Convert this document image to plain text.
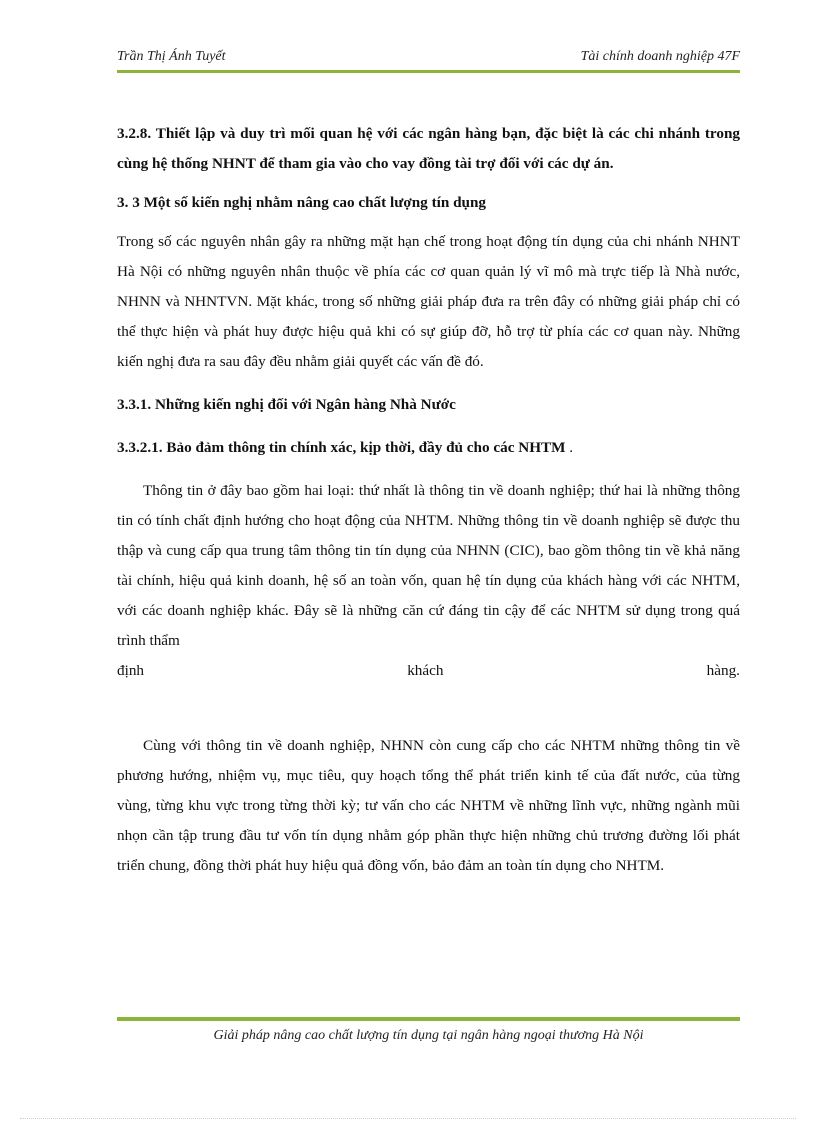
Trần Thị Ánh Tuyết	Tài chính doanh nghiệp 47F

3.2.8. Thiết lập và duy trì mối quan hệ với các ngân hàng bạn, đặc biệt là các chi nhánh trong cùng hệ thống NHNT để tham gia vào cho vay đồng tài trợ đối với các dự án.

3. 3 Một số kiến nghị nhằm nâng cao chất lượng tín dụng

Trong số các nguyên nhân gây ra những mặt hạn chế trong hoạt động tín dụng của chi nhánh NHNT Hà Nội có những nguyên nhân thuộc về phía các cơ quan quản lý vĩ mô mà trực tiếp là Nhà nước, NHNN và NHNTVN. Mặt khác, trong số những giải pháp đưa ra trên đây có những giải pháp chỉ có thể thực hiện và phát huy được hiệu quả khi có sự giúp đỡ, hỗ trợ từ phía các cơ quan này. Những kiến nghị đưa ra sau đây đều nhằm giải quyết các vấn đề đó.

3.3.1. Những kiến nghị đối với Ngân hàng Nhà Nước

3.3.2.1. Bảo đảm thông tin chính xác, kịp thời, đầy đủ cho các NHTM .

Thông tin ở đây bao gồm hai loại: thứ nhất là thông tin về doanh nghiệp; thứ hai là những thông tin có tính chất định hướng cho hoạt động của NHTM. Những thông tin về doanh nghiệp sẽ được thu thập và cung cấp qua trung tâm thông tin tín dụng của NHNN (CIC), bao gồm thông tin về khả năng tài chính, hiệu quả kinh doanh, hệ số an toàn vốn, quan hệ tín dụng của khách hàng với các NHTM, với các doanh nghiệp khác. Đây sẽ là những căn cứ đáng tin cậy để các NHTM sử dụng trong quá trình thẩm

định	khách	hàng.

Cùng với thông tin về doanh nghiệp, NHNN còn cung cấp cho các NHTM những thông tin về phương hướng, nhiệm vụ, mục tiêu, quy hoạch tổng thể phát triển kinh tế của đất nước, của từng vùng, từng khu vực trong từng thời kỳ; tư vấn cho các NHTM về những lĩnh vực, những ngành mũi nhọn cần tập trung đầu tư vốn tín dụng nhằm góp phần thực hiện những chủ trương đường lối phát triển chung, đồng thời phát huy hiệu quả đồng vốn, bảo đảm an toàn tín dụng cho NHTM.

Giải pháp nâng cao chất lượng tín dụng tại ngân hàng ngoại thương Hà Nội
